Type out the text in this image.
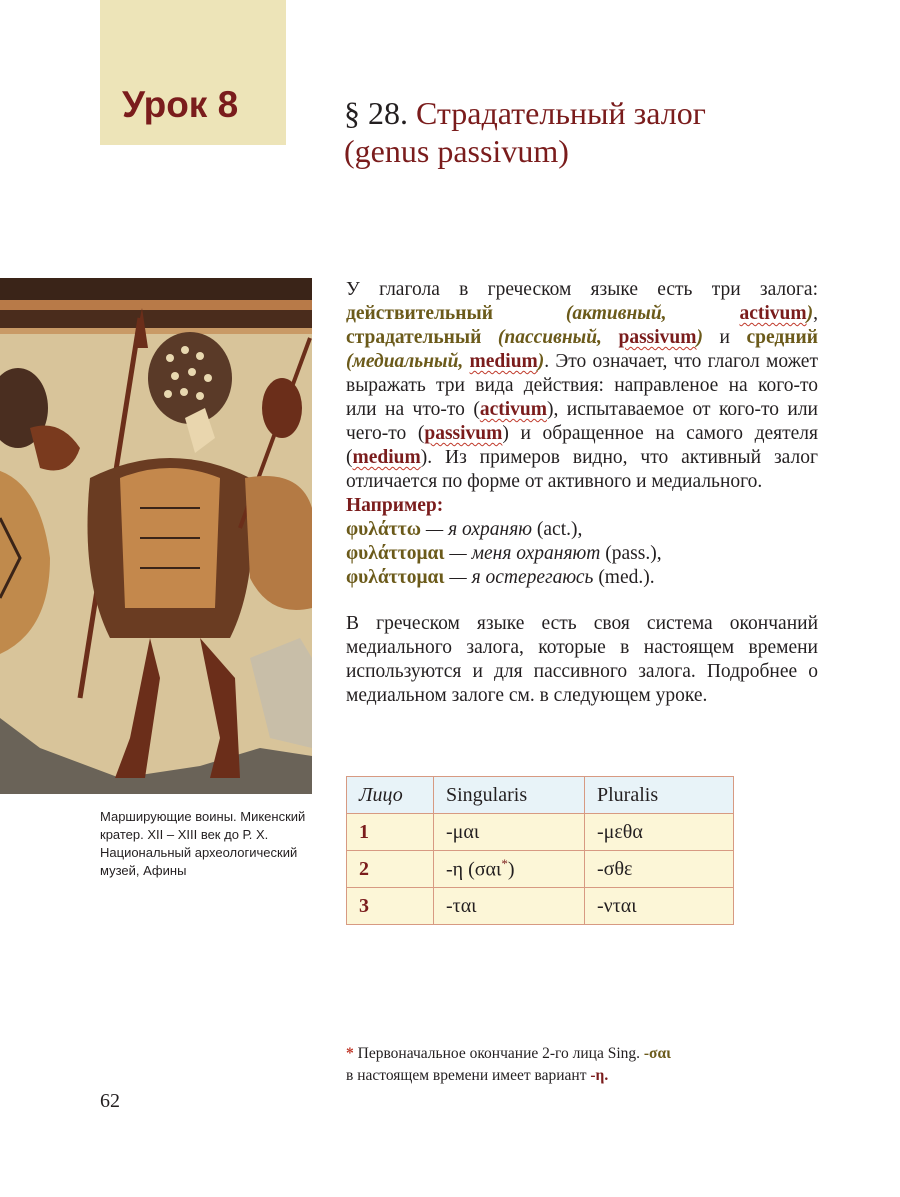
Урок 8	§ 28. Страдательный залог (genus passivum)
Марширующие воины. Микенский кратер. XII – XIII век до Р. Х. Национальный археологический музей, Афины

У глагола в греческом языке есть три залога: действительный (активный, activum), страдательный (пассивный, passivum) и средний (медиальный, medium). Это означает, что глагол может выражать три вида действия: направленое на кого-то или на что-то (activum), испытаваемое от кого-то или чего-то (passivum) и обращенное на самого деятеля (medium). Из примеров видно, что активный залог отличается по форме от активного и медиального.

Например:

φυλάττω — я охраняю (act.),

φυλάττομαι — меня охраняют (pass.),

φυλάττομαι — я остерегаюсь (med.).

В греческом языке есть своя система окончаний медиального залога, которые в настоящем времени используются и для пассивного залога. Подробнее о медиальном залоге см. в следующем уроке.

Лицо	Singularis	Pluralis
1	-μαι	-μεθα
2	-η (σαι*)	-σθε
3	-ται	-νται
* Первоначальное окончание 2-го лица Sing. -σαι
в настоящем времени имеет вариант -η.
62
